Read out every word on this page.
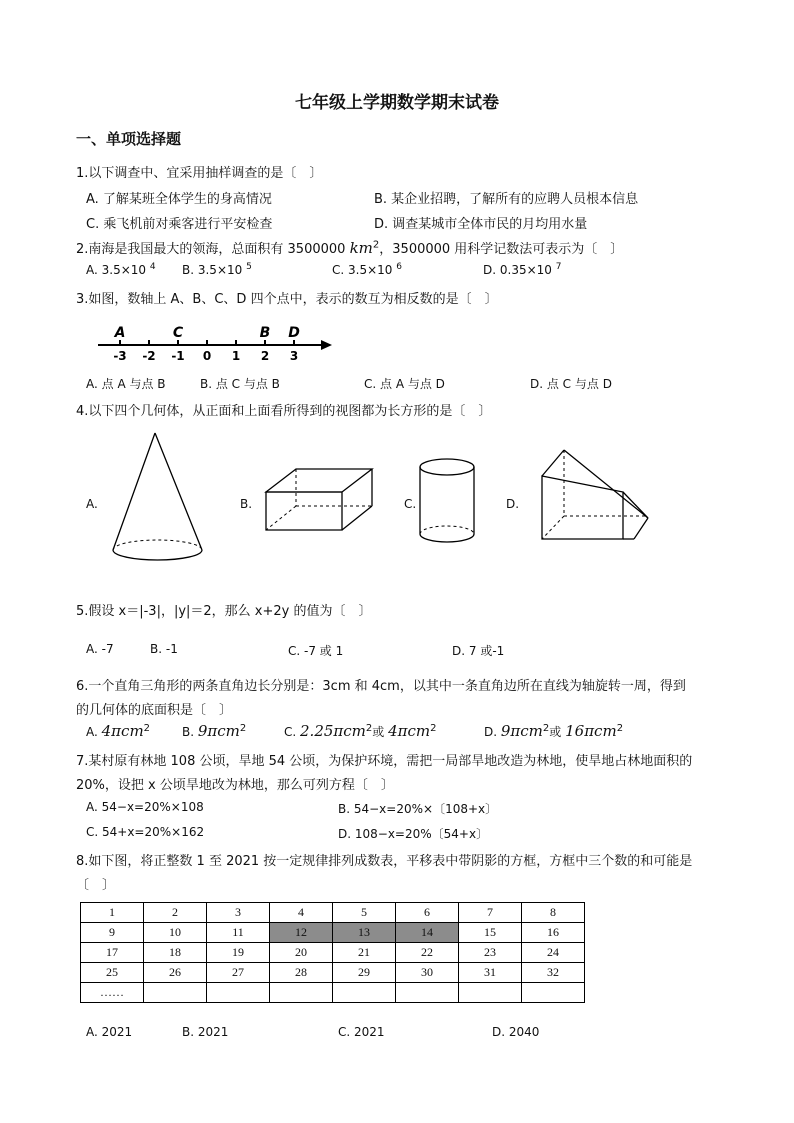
七年级上学期数学期末试卷
一、单项选择题
1.以下调查中、宜采用抽样调查的是〔　〕
A. 了解某班全体学生的身高情况	B. 某企业招聘，了解所有的应聘人员根本信息
C. 乘飞机前对乘客进行平安检查	D. 调查某城市全体市民的月均用水量
2.南海是我国最大的领海，总面积有 3500000 $km^2$，3500000 用科学记数法可表示为〔　〕
A. 3.5×10 $^4$ B. 3.5×10 $^5$	C. 3.5×10 $^6$	D. 0.35×10 $^7$
3.如图，数轴上 A、B、C、D 四个点中，表示的数互为相反数的是〔　〕
-3 -2 -1 0 1 2 3
A	C	B D
A. 点 A 与点 B	B. 点 C 与点 B	C. 点 A 与点 D	D. 点 C 与点 D
4.以下四个几何体，从正面和上面看所得到的视图都为长方形的是〔　〕
A.	B.	C.	D.
5.假设 x＝|-3|，|y|＝2，那么 x+2y 的值为〔　〕
A. -7	B. -1	C. -7 或 1	D. 7 或-1
6.一个直角三角形的两条直角边长分别是：3cm 和 4cm，以其中一条直角边所在直线为轴旋转一周，得到
的几何体的底面积是〔　〕
A. 4πcm$^2$	B. 9πcm$^2$	C. 2.25πcm$^2$或 4πcm$^2$	D. 9πcm$^2$或 16πcm$^2$
7.某村原有林地 108 公顷，旱地 54 公顷，为保护环境，需把一局部旱地改造为林地，使旱地占林地面积的
20%，设把 x 公顷旱地改为林地，那么可列方程〔　〕
A. 54−x=20%×108	B. 54−x=20%×〔108+x〕
C. 54+x=20%×162	D. 108−x=20%〔54+x〕
8.如下图，将正整数 1 至 2021 按一定规律排列成数表，平移表中带阴影的方框，方框中三个数的和可能是
〔　〕
1	2	3	4	5	6	7	8
9	10	11	12	13	14	15	16
17	18	19	20	21	22	23	24
25	26	27	28	29	30	31	32
……							
A. 2021	B. 2021	C. 2021	D. 2040
